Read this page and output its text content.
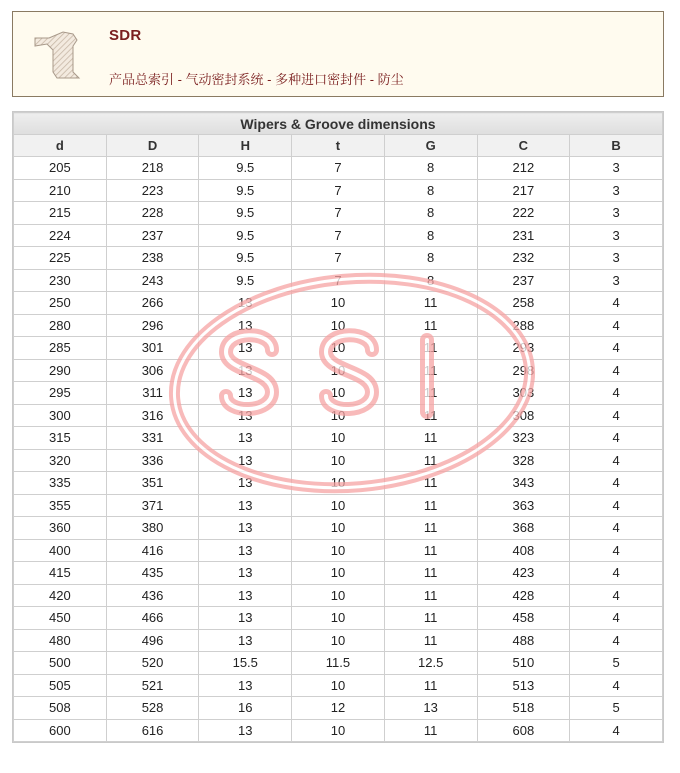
SDR
产品总索引 - 气动密封系统 - 多种进口密封件 - 防尘
Wipers & Groove dimensions						
d	D	H	t	G	C	B
205	218	9.5	7	8	212	3
210	223	9.5	7	8	217	3
215	228	9.5	7	8	222	3
224	237	9.5	7	8	231	3
225	238	9.5	7	8	232	3
230	243	9.5	7	8	237	3
250	266	13	10	11	258	4
280	296	13	10	11	288	4
285	301	13	10	11	293	4
290	306	13	10	11	298	4
295	311	13	10	11	303	4
300	316	13	10	11	308	4
315	331	13	10	11	323	4
320	336	13	10	11	328	4
335	351	13	10	11	343	4
355	371	13	10	11	363	4
360	380	13	10	11	368	4
400	416	13	10	11	408	4
415	435	13	10	11	423	4
420	436	13	10	11	428	4
450	466	13	10	11	458	4
480	496	13	10	11	488	4
500	520	15.5	11.5	12.5	510	5
505	521	13	10	11	513	4
508	528	16	12	13	518	5
600	616	13	10	11	608	4
